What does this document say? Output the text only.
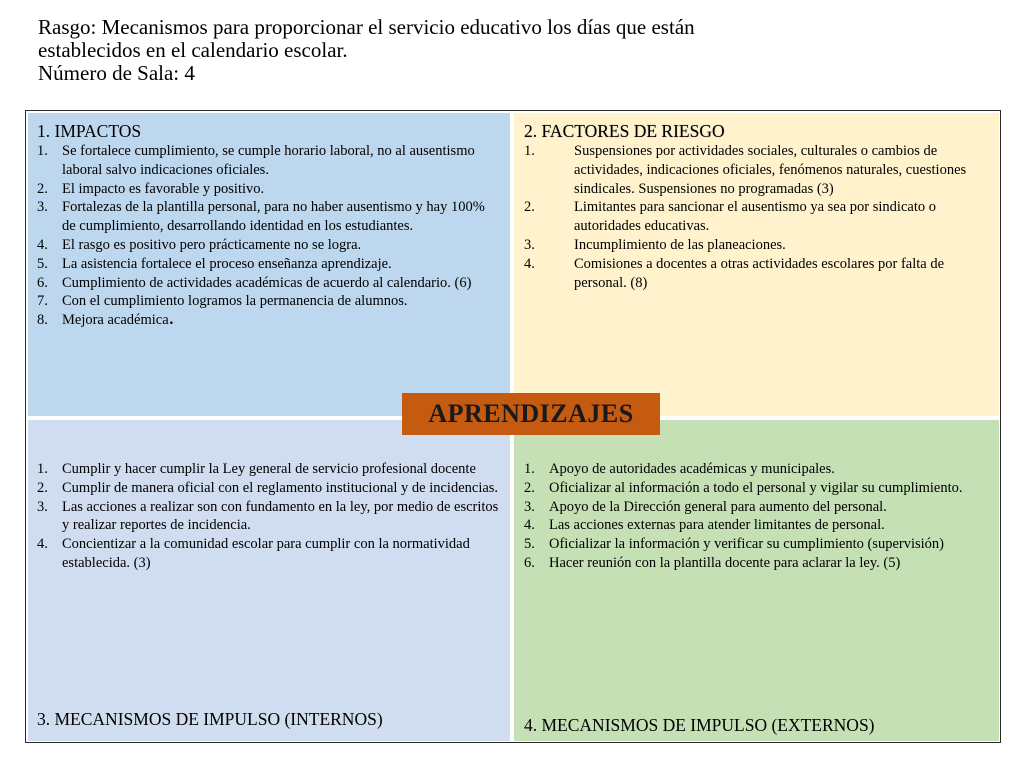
Rasgo: Mecanismos para proporcionar el servicio educativo los días que están
establecidos en el calendario escolar.
Número de Sala: 4
1. IMPACTOS
1. Se fortalece cumplimiento, se cumple horario laboral, no al ausentismo laboral salvo indicaciones oficiales.
2. El impacto es favorable y positivo.
3. Fortalezas de la plantilla personal, para no haber ausentismo y hay 100% de cumplimiento, desarrollando identidad en los estudiantes.
4. El rasgo es positivo pero prácticamente no se logra.
5. La asistencia fortalece el proceso enseñanza aprendizaje.
6. Cumplimiento de actividades académicas de acuerdo al calendario. (6)
7. Con el cumplimiento logramos la permanencia de alumnos.
8. Mejora académica.
2. FACTORES DE RIESGO
1.	Suspensiones por actividades sociales, culturales o cambios de actividades, indicaciones oficiales, fenómenos naturales, cuestiones sindicales. Suspensiones no programadas (3)
2.	Limitantes para sancionar el ausentismo ya sea por sindicato o autoridades educativas.
3.	Incumplimiento de las planeaciones.
4.	Comisiones a docentes a otras actividades escolares por falta de personal. (8)
1. Cumplir y hacer cumplir la Ley general de servicio profesional docente
2. Cumplir de manera oficial con el reglamento institucional y de incidencias.
3. Las acciones a realizar son con fundamento en la ley, por medio de escritos y realizar reportes de incidencia.
4. Concientizar a la comunidad escolar para cumplir con la normatividad establecida. (3)
3. MECANISMOS DE IMPULSO (INTERNOS)
1. Apoyo de autoridades académicas y municipales.
2. Oficializar al información a todo el personal y vigilar su cumplimiento.
3. Apoyo de la Dirección general para aumento del personal.
4. Las acciones externas para atender limitantes de personal.
5. Oficializar la información y verificar su cumplimiento (supervisión)
6. Hacer reunión con la plantilla docente para aclarar la ley. (5)
4. MECANISMOS DE IMPULSO (EXTERNOS)
APRENDIZAJES
